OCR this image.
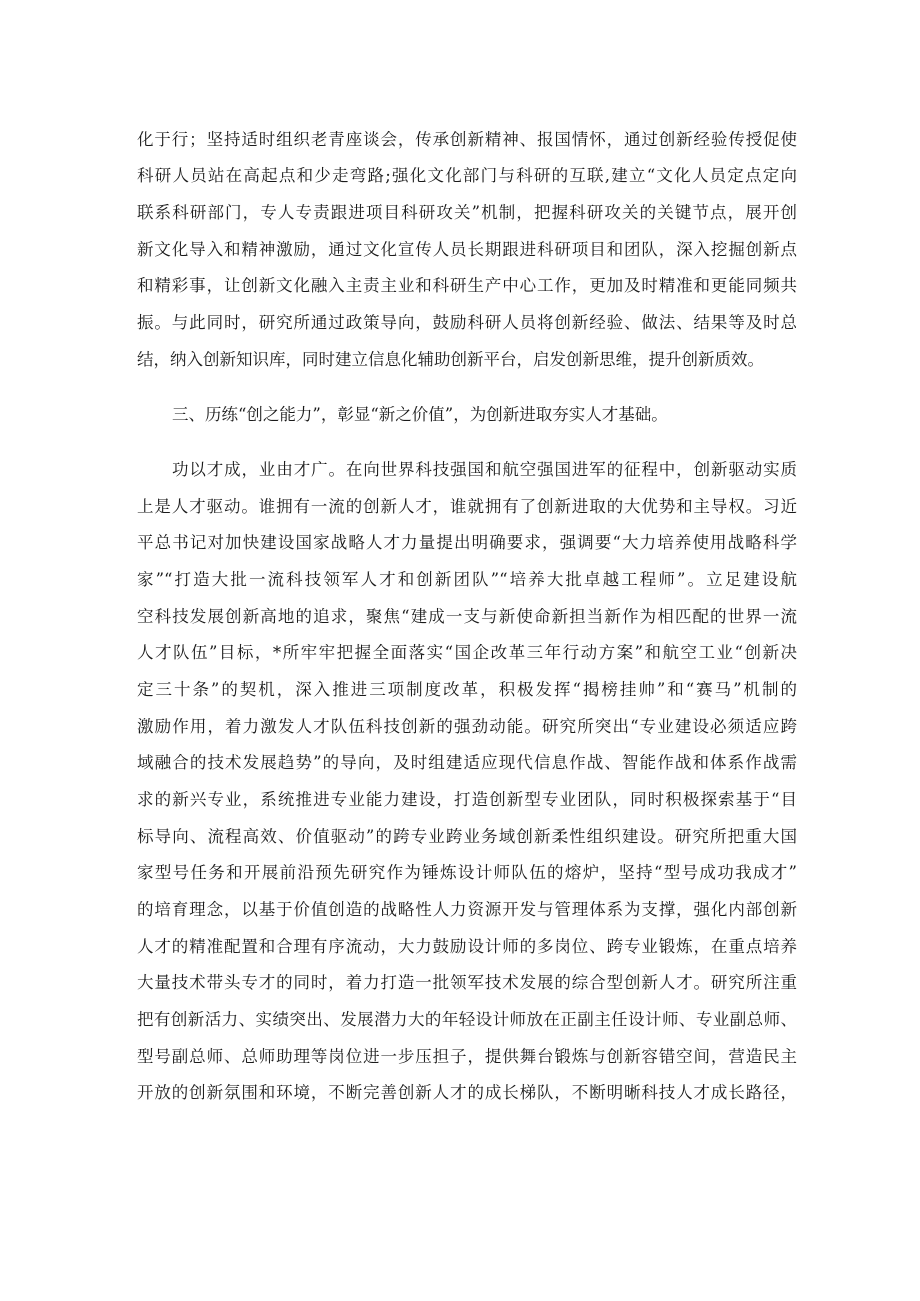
化于行；坚持适时组织老青座谈会，传承创新精神、报国情怀，通过创新经验传授促使
科研人员站在高起点和少走弯路;强化文化部门与科研的互联,建立“文化人员定点定向
联系科研部门，专人专责跟进项目科研攻关”机制，把握科研攻关的关键节点，展开创
新文化导入和精神激励，通过文化宣传人员长期跟进科研项目和团队，深入挖掘创新点
和精彩事，让创新文化融入主责主业和科研生产中心工作，更加及时精准和更能同频共
振。与此同时，研究所通过政策导向，鼓励科研人员将创新经验、做法、结果等及时总
结，纳入创新知识库，同时建立信息化辅助创新平台，启发创新思维，提升创新质效。
三、历练“创之能力”，彰显“新之价值”，为创新进取夯实人才基础。
功以才成，业由才广。在向世界科技强国和航空强国进军的征程中，创新驱动实质
上是人才驱动。谁拥有一流的创新人才，谁就拥有了创新进取的大优势和主导权。习近
平总书记对加快建设国家战略人才力量提出明确要求，强调要“大力培养使用战略科学
家”“打造大批一流科技领军人才和创新团队”“培养大批卓越工程师”。立足建设航
空科技发展创新高地的追求，聚焦“建成一支与新使命新担当新作为相匹配的世界一流
人才队伍”目标，*所牢牢把握全面落实“国企改革三年行动方案”和航空工业“创新决
定三十条”的契机，深入推进三项制度改革，积极发挥“揭榜挂帅”和“赛马”机制的
激励作用，着力激发人才队伍科技创新的强劲动能。研究所突出“专业建设必须适应跨
域融合的技术发展趋势”的导向，及时组建适应现代信息作战、智能作战和体系作战需
求的新兴专业，系统推进专业能力建设，打造创新型专业团队，同时积极探索基于“目
标导向、流程高效、价值驱动”的跨专业跨业务域创新柔性组织建设。研究所把重大国
家型号任务和开展前沿预先研究作为锤炼设计师队伍的熔炉，坚持“型号成功我成才”
的培育理念，以基于价值创造的战略性人力资源开发与管理体系为支撑，强化内部创新
人才的精准配置和合理有序流动，大力鼓励设计师的多岗位、跨专业锻炼，在重点培养
大量技术带头专才的同时，着力打造一批领军技术发展的综合型创新人才。研究所注重
把有创新活力、实绩突出、发展潜力大的年轻设计师放在正副主任设计师、专业副总师、
型号副总师、总师助理等岗位进一步压担子，提供舞台锻炼与创新容错空间，营造民主
开放的创新氛围和环境，不断完善创新人才的成长梯队，不断明晰科技人才成长路径，
